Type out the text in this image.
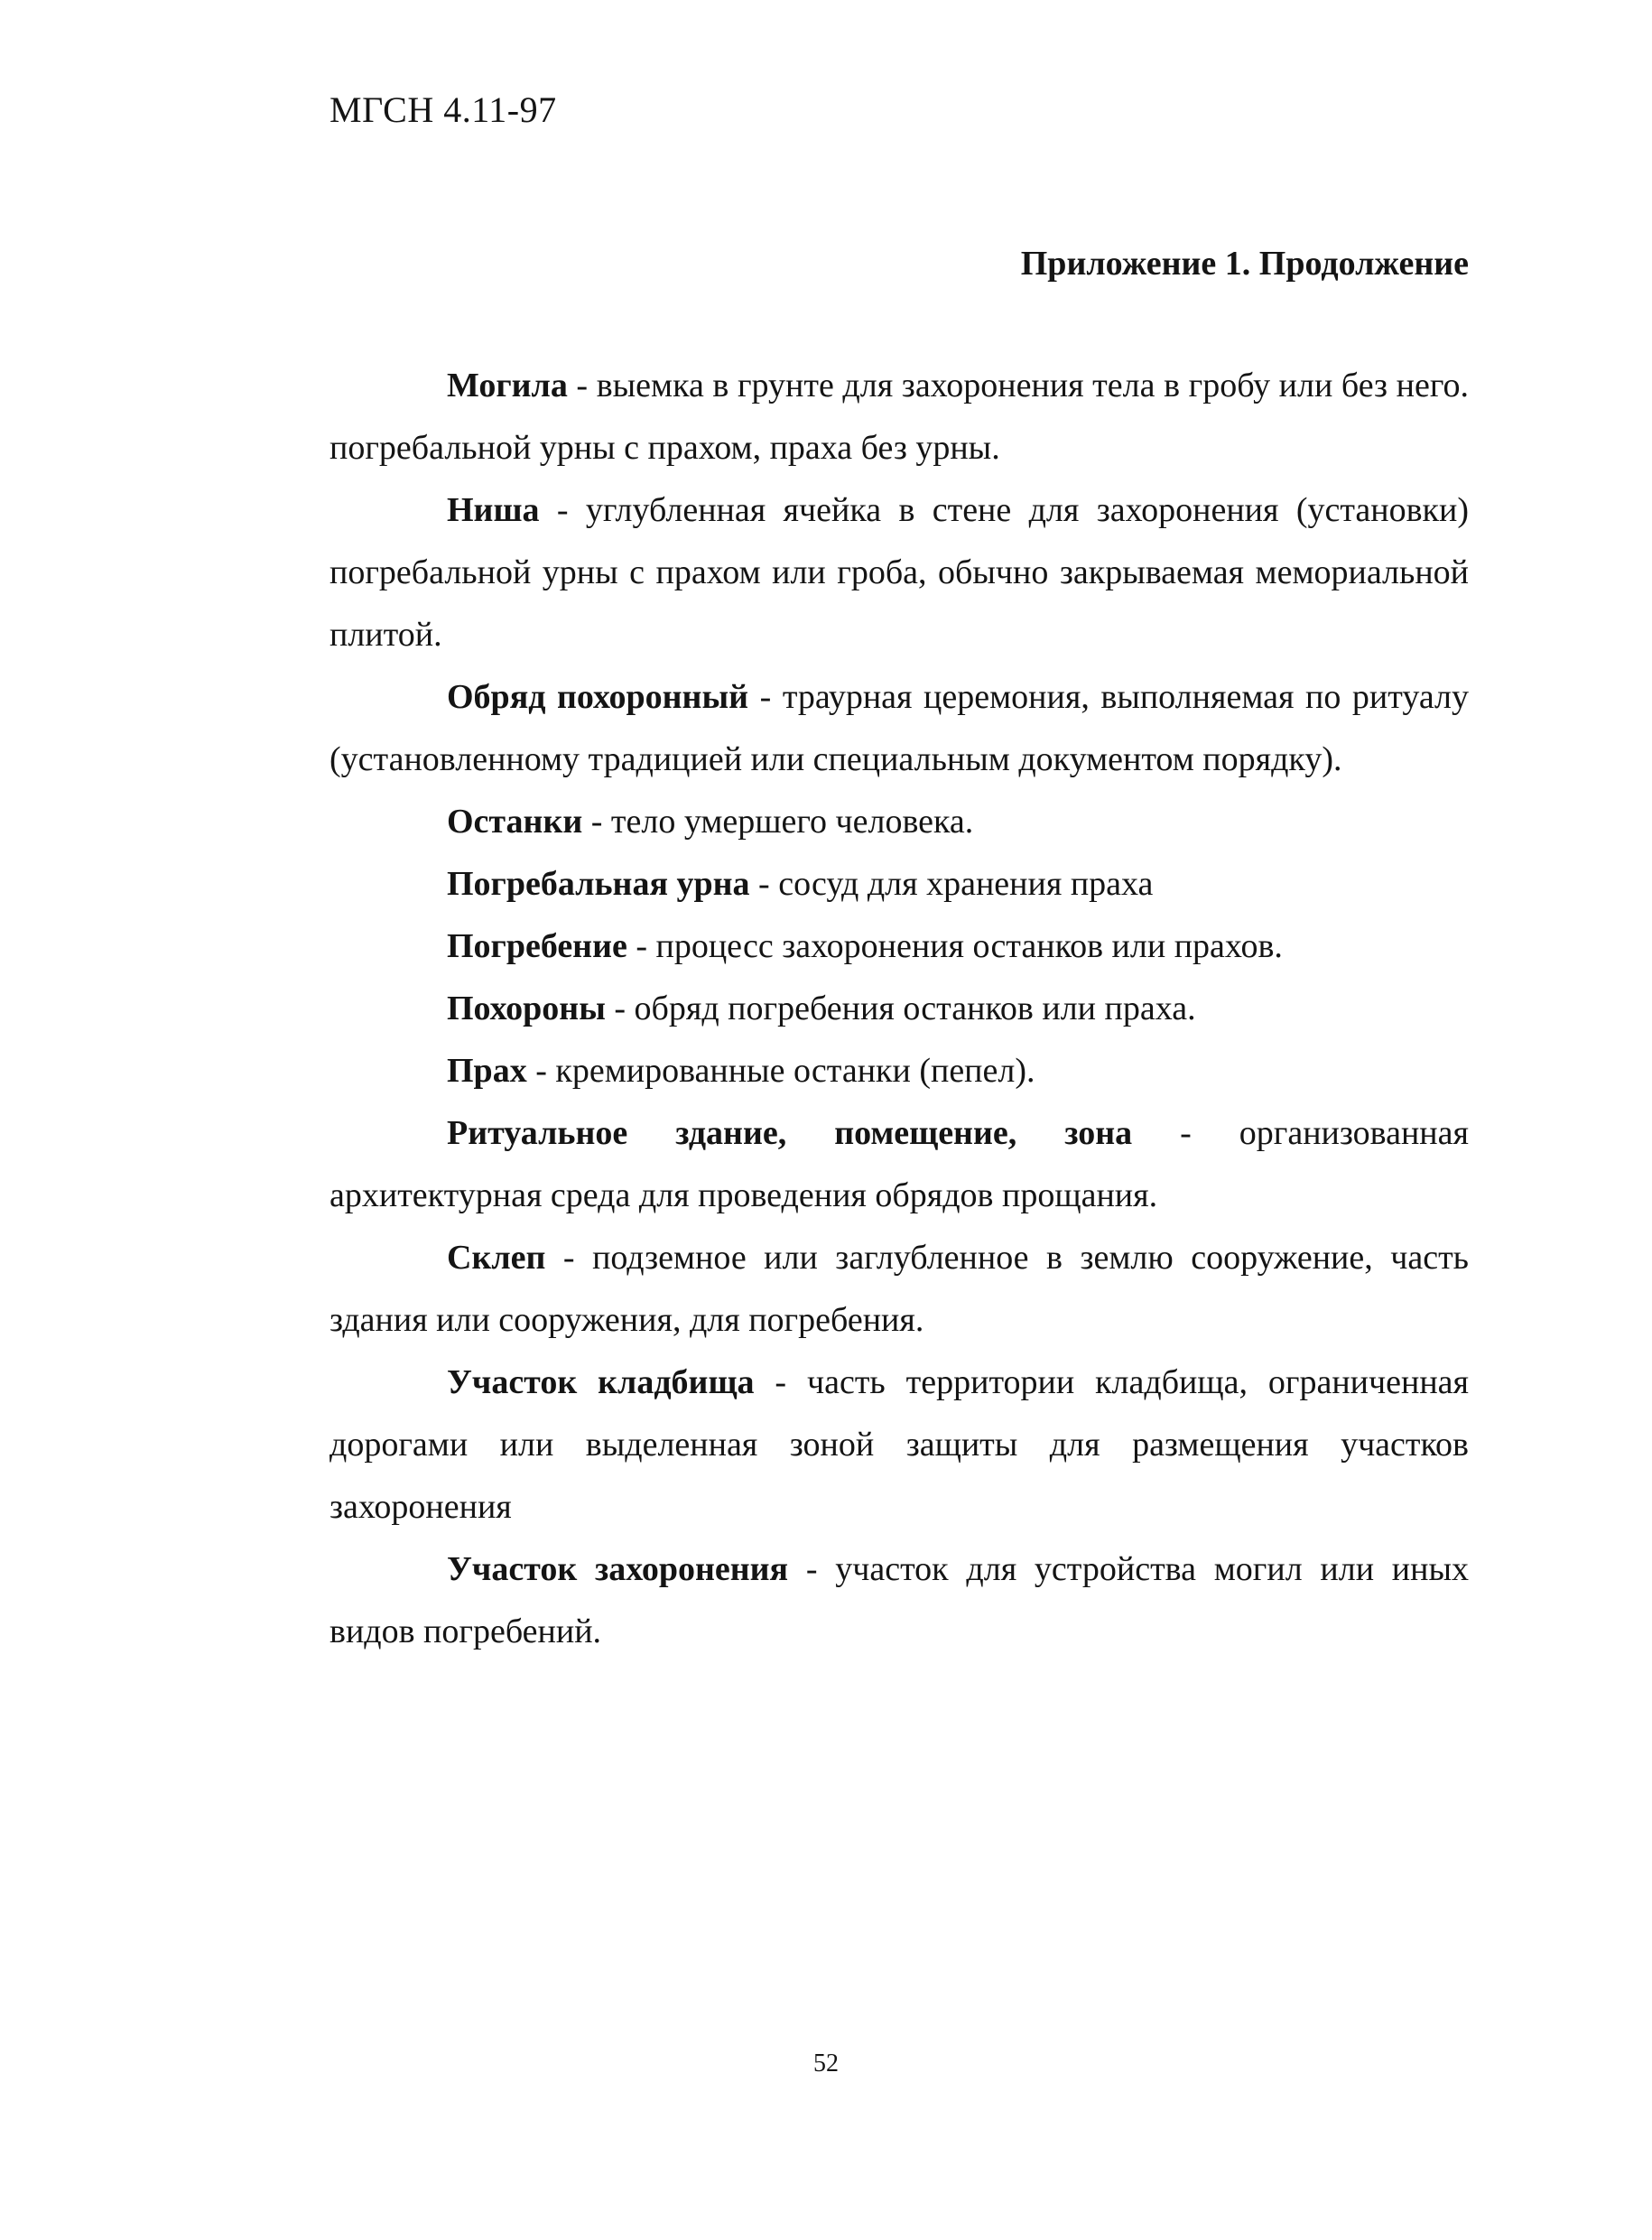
МГСН 4.11-97
Приложение 1. Продолжение

Могила - выемка в грунте для захоронения тела в гробу или без него. погребальной урны с прахом, праха без урны.

Ниша - углубленная ячейка в стене для захоронения (установки) погребальной урны с прахом или гроба, обычно закрываемая мемориальной плитой.

Обряд похоронный - траурная церемония, выполняемая по ритуалу (установленному традицией или специальным документом порядку).

Останки - тело умершего человека.

Погребальная урна - сосуд для хранения праха

Погребение - процесс захоронения останков или прахов.

Похороны - обряд погребения останков или праха.

Прах - кремированные останки (пепел).

Ритуальное здание, помещение, зона - организованная архитектурная среда для проведения обрядов прощания.

Склеп - подземное или заглубленное в землю сооружение, часть здания или сооружения, для погребения.

Участок кладбища - часть территории кладбища, ограниченная дорогами или выделенная зоной защиты для размещения участков захоронения

Участок захоронения - участок для устройства могил или иных видов погребений.

52
